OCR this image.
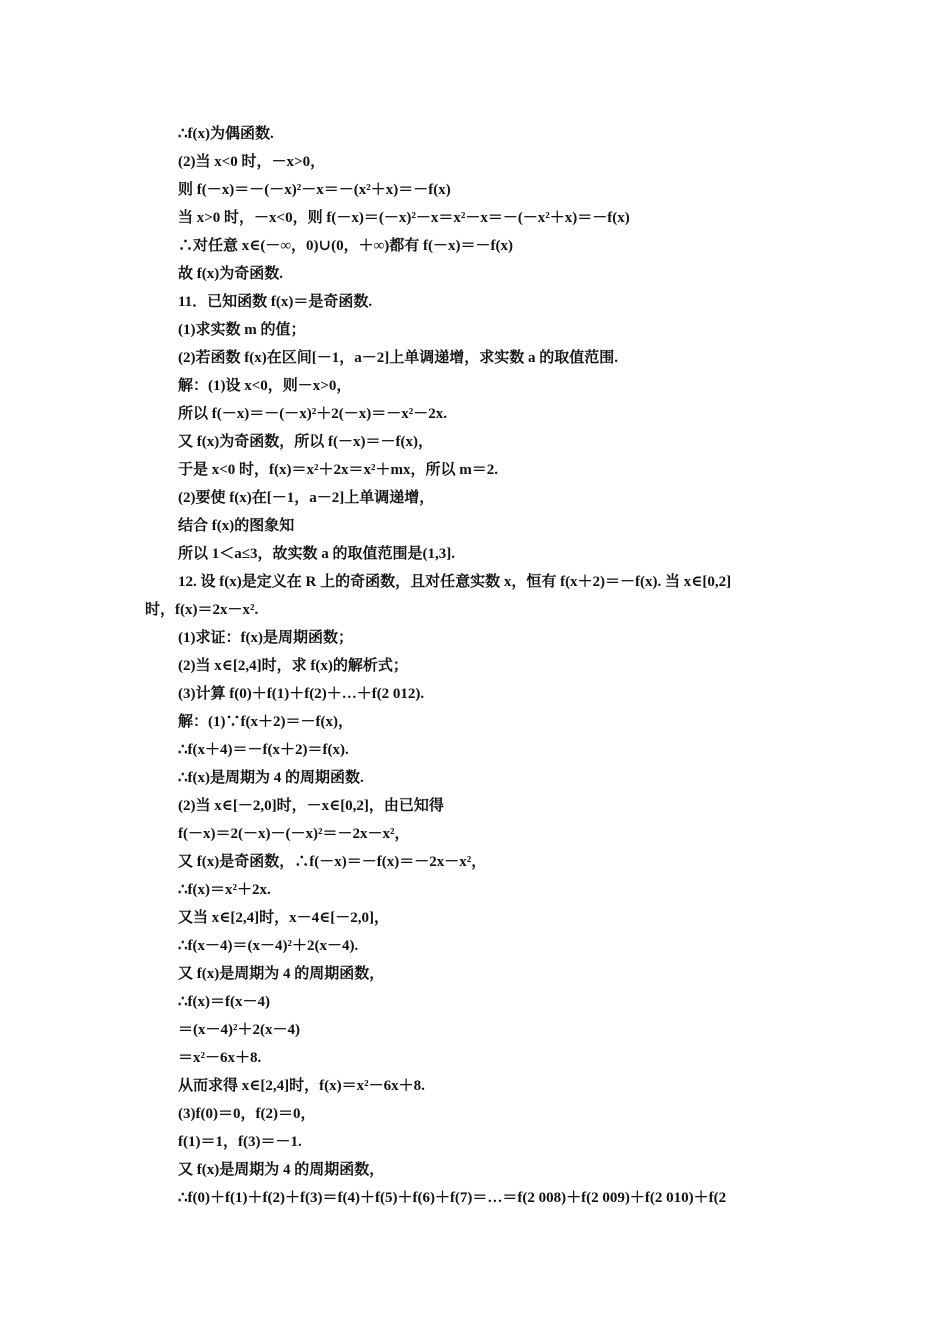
∴f(x)为偶函数.
(2)当 x<0 时，－x>0，
则 f(－x)＝－(－x)²－x＝－(x²＋x)＝－f(x)
当 x>0 时，－x<0，则 f(－x)＝(－x)²－x＝x²－x＝－(－x²＋x)＝－f(x)
∴对任意 x∈(－∞，0)∪(0，＋∞)都有 f(－x)＝－f(x)
故 f(x)为奇函数.
11．已知函数 f(x)＝是奇函数.
(1)求实数 m 的值；
(2)若函数 f(x)在区间[－1，a－2]上单调递增，求实数 a 的取值范围.
解：(1)设 x<0，则－x>0，
所以 f(－x)＝－(－x)²＋2(－x)＝－x²－2x.
又 f(x)为奇函数，所以 f(－x)＝－f(x)，
于是 x<0 时，f(x)＝x²＋2x＝x²＋mx，所以 m＝2.
(2)要使 f(x)在[－1，a－2]上单调递增，
结合 f(x)的图象知
所以 1＜a≤3，故实数 a 的取值范围是(1,3].
12. 设 f(x)是定义在 R 上的奇函数，且对任意实数 x，恒有 f(x＋2)＝－f(x). 当 x∈[0,2]
时，f(x)＝2x－x².
(1)求证：f(x)是周期函数；
(2)当 x∈[2,4]时，求 f(x)的解析式；
(3)计算 f(0)＋f(1)＋f(2)＋…＋f(2 012).
解：(1)∵f(x＋2)＝－f(x)，
∴f(x＋4)＝－f(x＋2)＝f(x).
∴f(x)是周期为 4 的周期函数.
(2)当 x∈[－2,0]时，－x∈[0,2]，由已知得
f(－x)＝2(－x)－(－x)²＝－2x－x²，
又 f(x)是奇函数，∴f(－x)＝－f(x)＝－2x－x²，
∴f(x)＝x²＋2x.
又当 x∈[2,4]时，x－4∈[－2,0]，
∴f(x－4)＝(x－4)²＋2(x－4).
又 f(x)是周期为 4 的周期函数，
∴f(x)＝f(x－4)
＝(x－4)²＋2(x－4)
＝x²－6x＋8.
从而求得 x∈[2,4]时，f(x)＝x²－6x＋8.
(3)f(0)＝0，f(2)＝0，
f(1)＝1，f(3)＝－1.
又 f(x)是周期为 4 的周期函数，
∴f(0)＋f(1)＋f(2)＋f(3)＝f(4)＋f(5)＋f(6)＋f(7)＝…＝f(2 008)＋f(2 009)＋f(2 010)＋f(2
